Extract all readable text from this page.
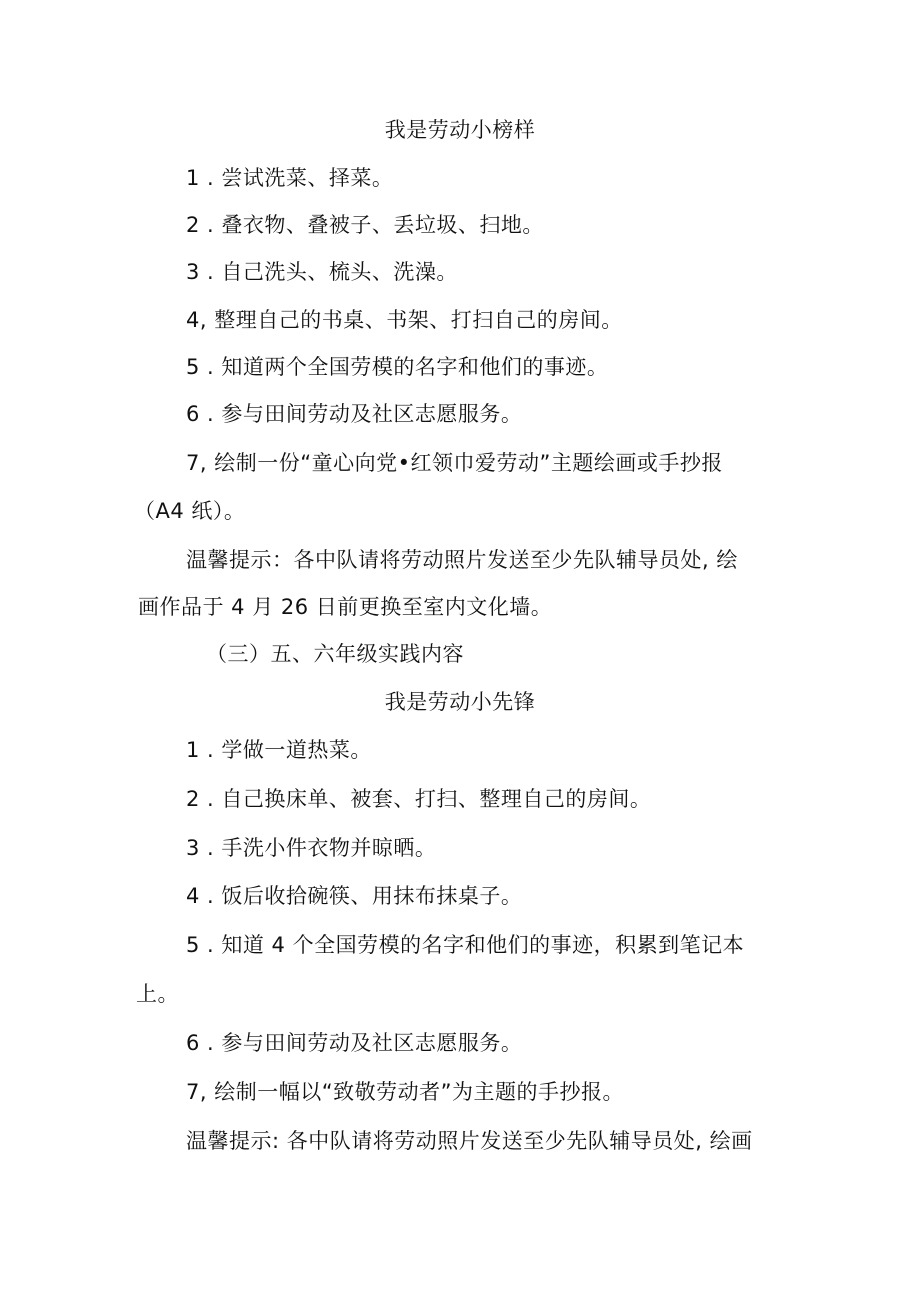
我是劳动小榜样
1 . 尝试洗菜、择菜。
2 . 叠衣物、叠被子、丢垃圾、扫地。
3 . 自己洗头、梳头、洗澡。
4, 整理自己的书桌、书架、打扫自己的房间。
5 . 知道两个全国劳模的名字和他们的事迹。
6 . 参与田间劳动及社区志愿服务。
7, 绘制一份“童心向党•红领巾爱劳动”主题绘画或手抄报
（A4 纸）。
温馨提示：各中队请将劳动照片发送至少先队辅导员处, 绘
画作品于 4 月 26 日前更换至室内文化墙。
（三）五、六年级实践内容
我是劳动小先锋
1 . 学做一道热菜。
2 . 自己换床单、被套、打扫、整理自己的房间。
3 . 手洗小件衣物并晾晒。
4 . 饭后收拾碗筷、用抹布抹桌子。
5 . 知道 4 个全国劳模的名字和他们的事迹，积累到笔记本
上。
6 . 参与田间劳动及社区志愿服务。
7, 绘制一幅以“致敬劳动者”为主题的手抄报。
温馨提示: 各中队请将劳动照片发送至少先队辅导员处, 绘画
